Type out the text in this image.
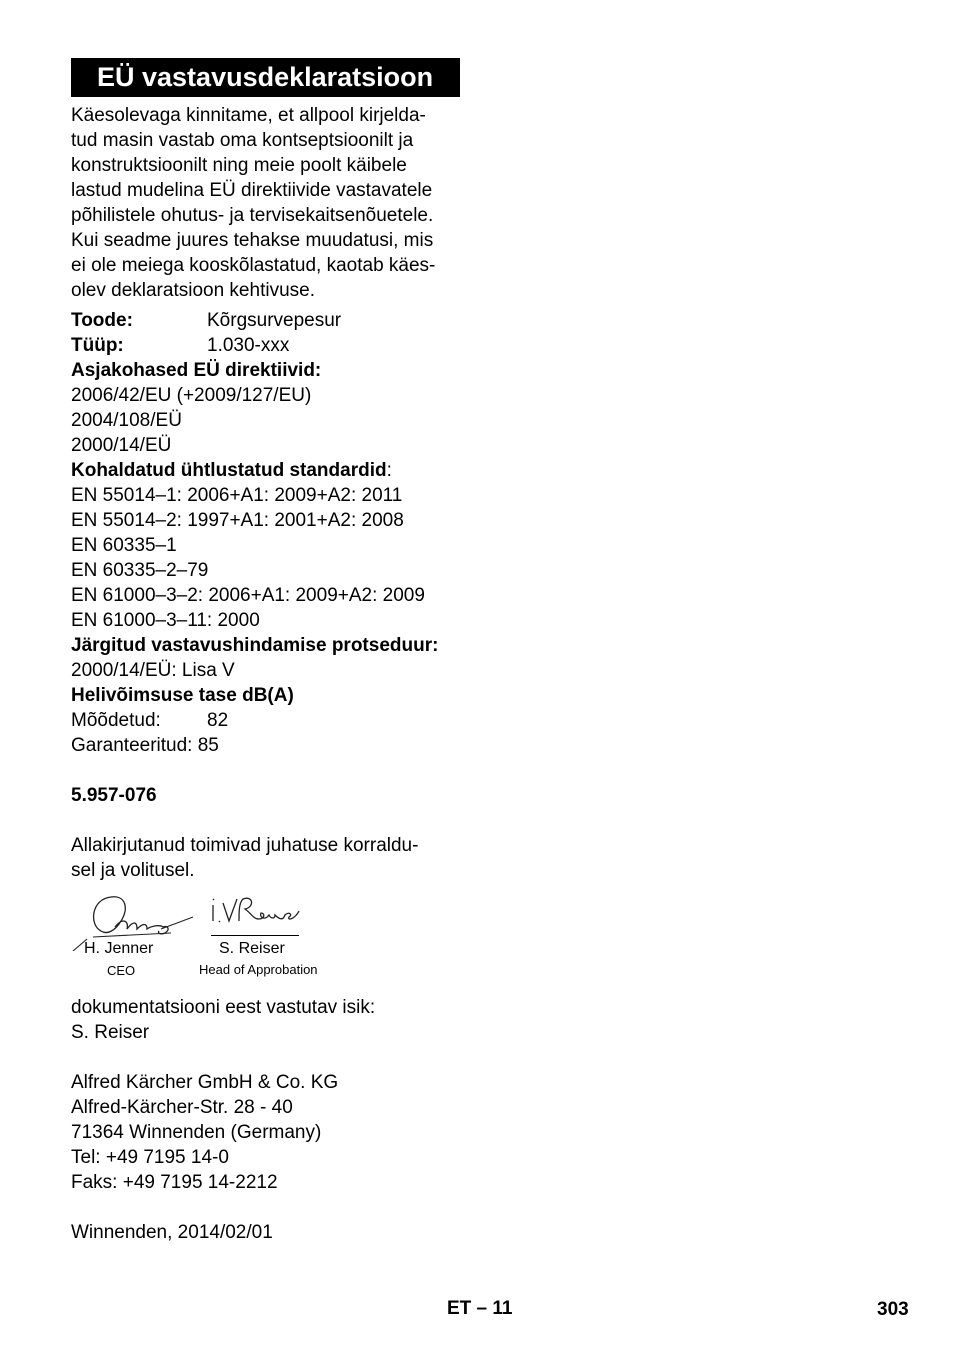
EÜ vastavusdeklaratsioon

Käesolevaga kinnitame, et allpool kirjelda-

tud masin vastab oma kontseptsioonilt ja

konstruktsioonilt ning meie poolt käibele

lastud mudelina EÜ direktiivide vastavatele

põhilistele ohutus- ja tervisekaitsenõuetele.

Kui seadme juures tehakse muudatusi, mis

ei ole meiega kooskõlastatud, kaotab käes-

olev deklaratsioon kehtivuse.

Toode:	Kõrgsurvepesur
Tüüp:	1.030-xxx
Asjakohased EÜ direktiivid:
2006/42/EU (+2009/127/EU)
2004/108/EÜ
2000/14/EÜ
Kohaldatud ühtlustatud standardid:
EN 55014–1: 2006+A1: 2009+A2: 2011
EN 55014–2: 1997+A1: 2001+A2: 2008
EN 60335–1
EN 60335–2–79
EN 61000–3–2: 2006+A1: 2009+A2: 2009
EN 61000–3–11: 2000
Järgitud vastavushindamise protseduur:
2000/14/EÜ: Lisa V
Helivõimsuse tase dB(A)
Mõõdetud:	82
Garanteeritud: 85
5.957-076
Allakirjutanud toimivad juhatuse korraldu-
sel ja volitusel.
H. Jenner
CEO
S. Reiser
Head of Approbation
dokumentatsiooni eest vastutav isik:
S. Reiser
Alfred Kärcher GmbH & Co. KG
Alfred-Kärcher-Str. 28 - 40
71364 Winnenden (Germany)
Tel: +49 7195 14-0
Faks: +49 7195 14-2212
Winnenden, 2014/02/01
ET – 11	303
